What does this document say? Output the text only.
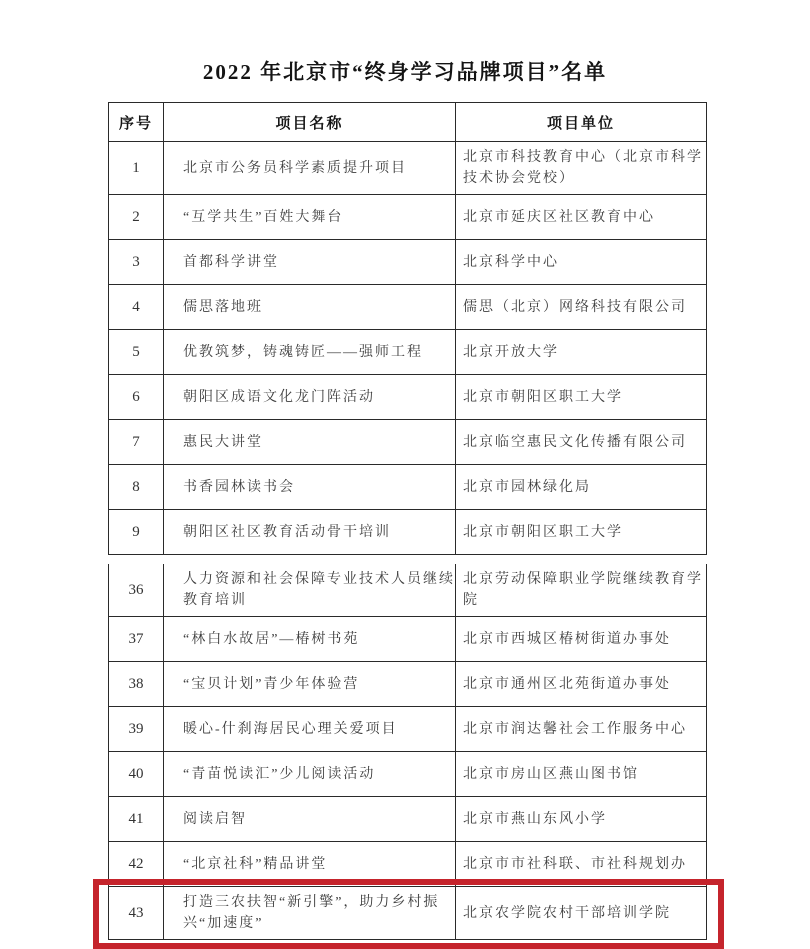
2022 年北京市“终身学习品牌项目”名单
序号	项目名称	项目单位
1	北京市公务员科学素质提升项目	北京市科技教育中心（北京市科学技术协会党校）
2	“互学共生”百姓大舞台	北京市延庆区社区教育中心
3	首都科学讲堂	北京科学中心
4	儒思落地班	儒思（北京）网络科技有限公司
5	优教筑梦，铸魂铸匠——强师工程	北京开放大学
6	朝阳区成语文化龙门阵活动	北京市朝阳区职工大学
7	惠民大讲堂	北京临空惠民文化传播有限公司
8	书香园林读书会	北京市园林绿化局
9	朝阳区社区教育活动骨干培训	北京市朝阳区职工大学
36	人力资源和社会保障专业技术人员继续教育培训	北京劳动保障职业学院继续教育学院
37	“林白水故居”—椿树书苑	北京市西城区椿树街道办事处
38	“宝贝计划”青少年体验营	北京市通州区北苑街道办事处
39	暖心-什刹海居民心理关爱项目	北京市润达馨社会工作服务中心
40	“青苗悦读汇”少儿阅读活动	北京市房山区燕山图书馆
41	阅读启智	北京市燕山东风小学
42	“北京社科”精品讲堂	北京市市社科联、市社科规划办
43	打造三农扶智“新引擎”，助力乡村振兴“加速度”	北京农学院农村干部培训学院
